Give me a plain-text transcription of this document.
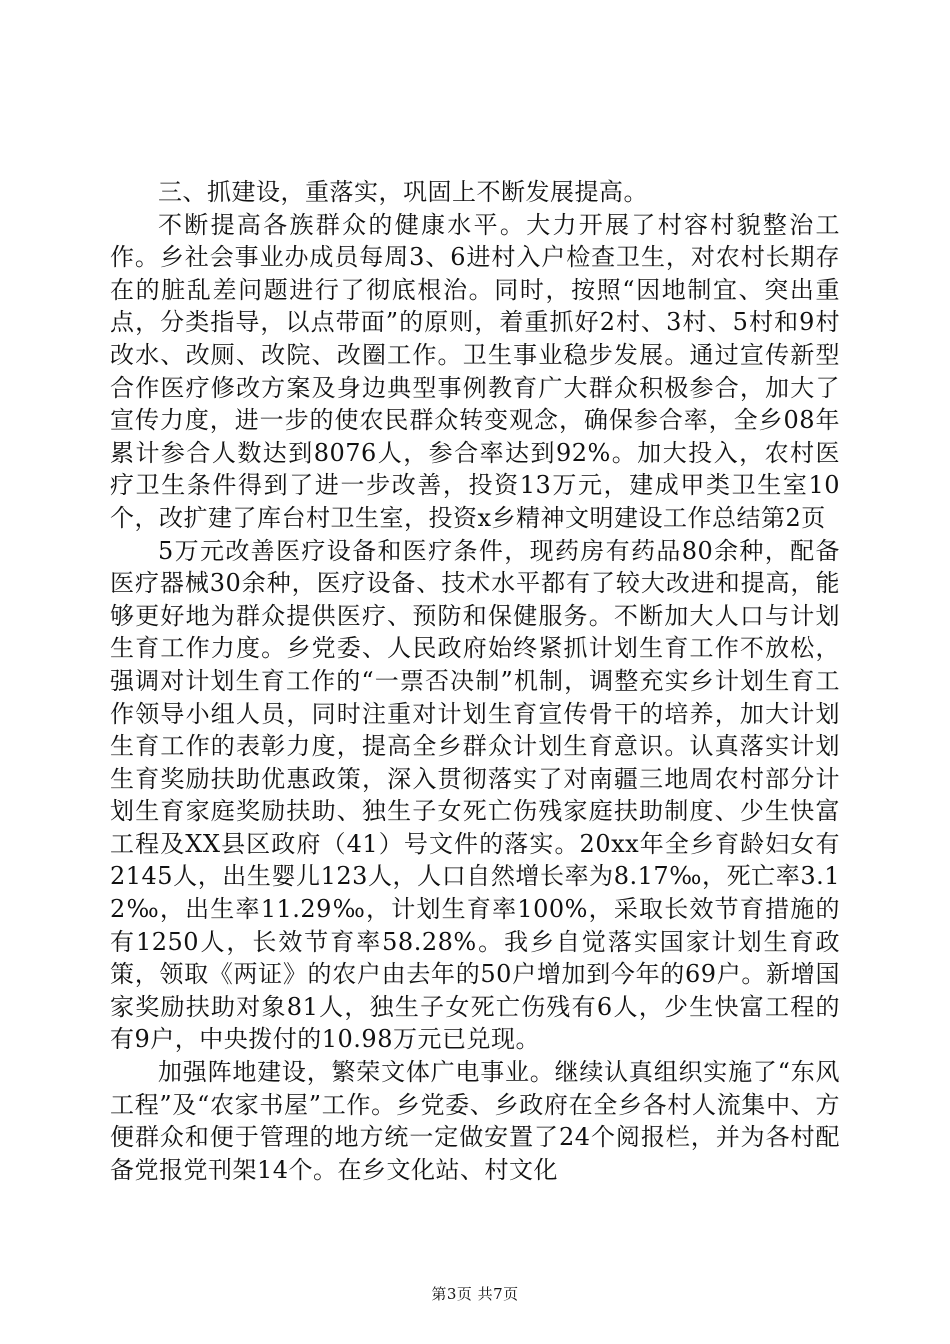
三、抓建设，重落实，巩固上不断发展提高。

不断提高各族群众的健康水平。大力开展了村容村貌整治工作。乡社会事业办成员每周3、6进村入户检查卫生，对农村长期存在的脏乱差问题进行了彻底根治。同时，按照“因地制宜、突出重点，分类指导，以点带面”的原则，着重抓好2村、3村、5村和9村改水、改厕、改院、改圈工作。卫生事业稳步发展。通过宣传新型合作医疗修改方案及身边典型事例教育广大群众积极参合，加大了宣传力度，进一步的使农民群众转变观念，确保参合率，全乡08年累计参合人数达到8076人，参合率达到92%。加大投入，农村医疗卫生条件得到了进一步改善，投资13万元，建成甲类卫生室10个，改扩建了库台村卫生室，投资x乡精神文明建设工作总结第2页

5万元改善医疗设备和医疗条件，现药房有药品80余种，配备医疗器械30余种，医疗设备、技术水平都有了较大改进和提高，能够更好地为群众提供医疗、预防和保健服务。不断加大人口与计划生育工作力度。乡党委、人民政府始终紧抓计划生育工作不放松，强调对计划生育工作的“一票否决制”机制，调整充实乡计划生育工作领导小组人员，同时注重对计划生育宣传骨干的培养，加大计划生育工作的表彰力度，提高全乡群众计划生育意识。认真落实计划生育奖励扶助优惠政策，深入贯彻落实了对南疆三地周农村部分计划生育家庭奖励扶助、独生子女死亡伤残家庭扶助制度、少生快富工程及XX县区政府（41）号文件的落实。20xx年全乡育龄妇女有2145人，出生婴儿123人，人口自然增长率为8.17‰，死亡率3.12‰，出生率11.29‰，计划生育率100%，采取长效节育措施的有1250人，长效节育率58.28%。我乡自觉落实国家计划生育政策，领取《两证》的农户由去年的50户增加到今年的69户。新增国家奖励扶助对象81人，独生子女死亡伤残有6人，少生快富工程的有9户，中央拨付的10.98万元已兑现。

加强阵地建设，繁荣文体广电事业。继续认真组织实施了“东风工程”及“农家书屋”工作。乡党委、乡政府在全乡各村人流集中、方便群众和便于管理的地方统一定做安置了24个阅报栏，并为各村配备党报党刊架14个。在乡文化站、村文化

第3页 共7页
